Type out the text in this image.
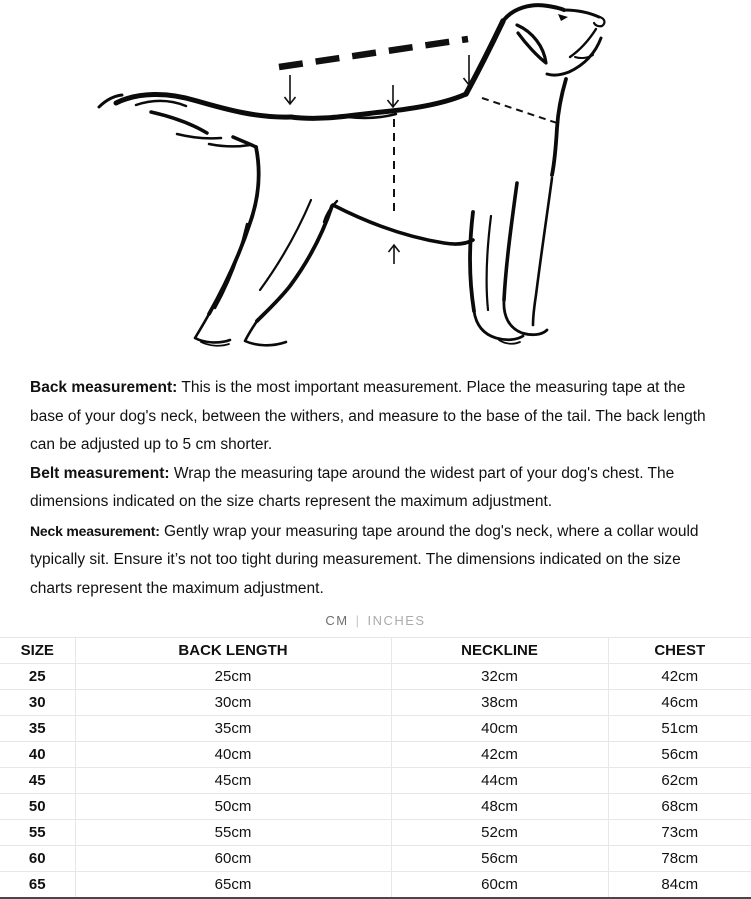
Back measurement: This is the most important measurement. Place the measuring tape at the base of your dog's neck, between the withers, and measure to the base of the tail. The back length can be adjusted up to 5 cm shorter.

Belt measurement: Wrap the measuring tape around the widest part of your dog's chest. The dimensions indicated on the size charts represent the maximum adjustment.

Neck measurement: Gently wrap your measuring tape around the dog's neck, where a collar would typically sit. Ensure it’s not too tight during measurement. The dimensions indicated on the size charts represent the maximum adjustment.

CM | INCHES
SIZE	BACK LENGTH	NECKLINE	CHEST
25	25cm	32cm	42cm
30	30cm	38cm	46cm
35	35cm	40cm	51cm
40	40cm	42cm	56cm
45	45cm	44cm	62cm
50	50cm	48cm	68cm
55	55cm	52cm	73cm
60	60cm	56cm	78cm
65	65cm	60cm	84cm
